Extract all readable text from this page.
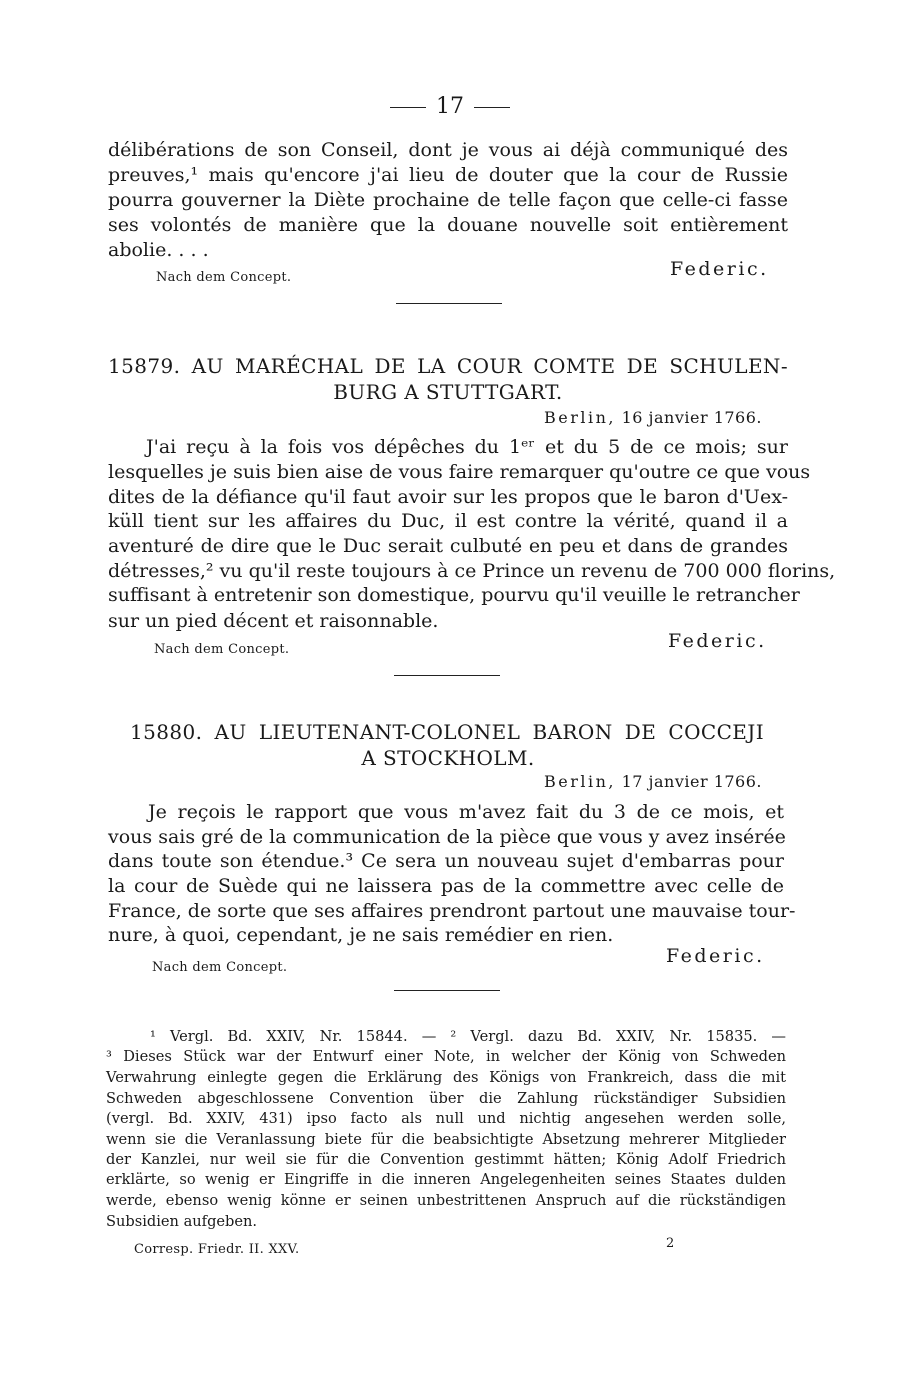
17
délibérations de son Conseil, dont je vous ai déjà communiqué des
preuves,¹ mais qu'encore j'ai lieu de douter que la cour de Russie
pourra gouverner la Diète prochaine de telle façon que celle-ci fasse
ses volontés de manière que la douane nouvelle soit entièrement
abolie. . . .
Nach dem Concept.	Federic.
15879. AU MARÉCHAL DE LA COUR COMTE DE SCHULEN-
BURG A STUTTGART.
Berlin, 16 janvier 1766.
J'ai reçu à la fois vos dépêches du 1ᵉʳ et du 5 de ce mois; sur
lesquelles je suis bien aise de vous faire remarquer qu'outre ce que vous
dites de la défiance qu'il faut avoir sur les propos que le baron d'Uex-
küll tient sur les affaires du Duc, il est contre la vérité, quand il a
aventuré de dire que le Duc serait culbuté en peu et dans de grandes
détresses,² vu qu'il reste toujours à ce Prince un revenu de 700 000 florins,
suffisant à entretenir son domestique, pourvu qu'il veuille le retrancher
sur un pied décent et raisonnable.
Nach dem Concept.	Federic.
15880. AU LIEUTENANT-COLONEL BARON DE COCCEJI
A STOCKHOLM.
Berlin, 17 janvier 1766.
Je reçois le rapport que vous m'avez fait du 3 de ce mois, et
vous sais gré de la communication de la pièce que vous y avez insérée
dans toute son étendue.³ Ce sera un nouveau sujet d'embarras pour
la cour de Suède qui ne laissera pas de la commettre avec celle de
France, de sorte que ses affaires prendront partout une mauvaise tour-
nure, à quoi, cependant, je ne sais remédier en rien.
Nach dem Concept.
Federic.
¹ Vergl. Bd. XXIV, Nr. 15844. — ² Vergl. dazu Bd. XXIV, Nr. 15835. —
³ Dieses Stück war der Entwurf einer Note, in welcher der König von Schweden
Verwahrung einlegte gegen die Erklärung des Königs von Frankreich, dass die mit
Schweden abgeschlossene Convention über die Zahlung rückständiger Subsidien
(vergl. Bd. XXIV, 431) ipso facto als null und nichtig angesehen werden solle,
wenn sie die Veranlassung biete für die beabsichtigte Absetzung mehrerer Mitglieder
der Kanzlei, nur weil sie für die Convention gestimmt hätten; König Adolf Friedrich
erklärte, so wenig er Eingriffe in die inneren Angelegenheiten seines Staates dulden
werde, ebenso wenig könne er seinen unbestrittenen Anspruch auf die rückständigen
Subsidien aufgeben.
Corresp. Friedr. II. XXV.	2
